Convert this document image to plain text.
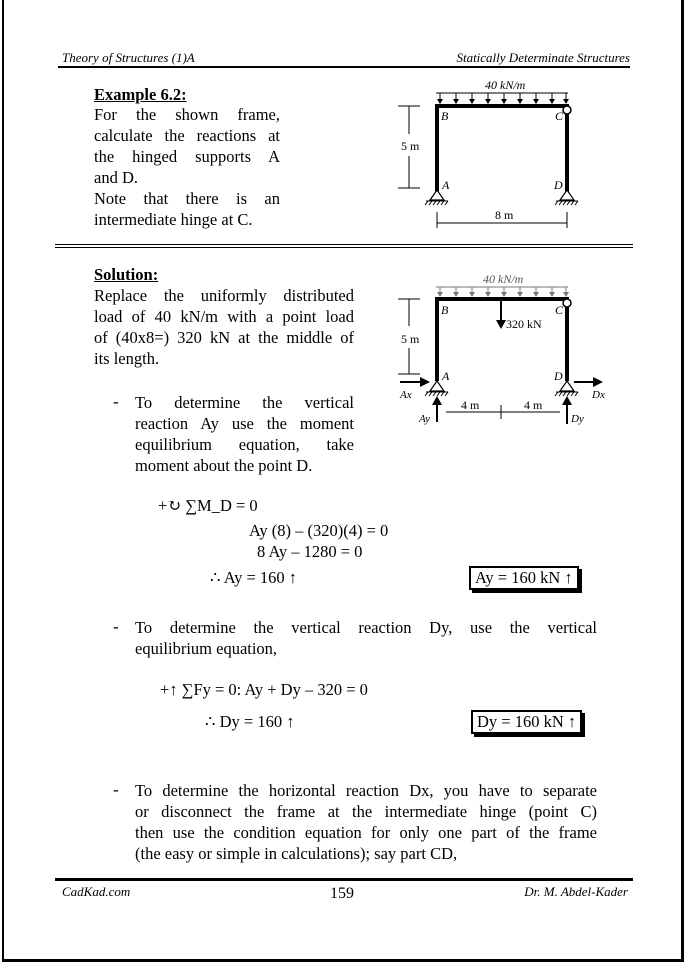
Theory of Structures (1)A	Statically Determinate Structures
Example 6.2:
For the shown frame,
calculate the reactions at
the hinged supports A
and D.
Note that there is an
intermediate hinge at C.
40 kN/m
B	C
A	D
5 m
8 m
Solution:
Replace the uniformly distributed
load of 40 kN/m with a point load
of (40x8=) 320 kN at the middle of
its length.
40 kN/m
320 kN
B	C
A	D
Ax
Ay
Dx
Dy
5 m
4 m	4 m
- To determine the vertical
reaction Ay use the moment
equilibrium equation, take
moment about the point D.
+↻ ∑M_D = 0
Ay (8) – (320)(4) = 0
8 Ay – 1280 = 0
∴ Ay = 160 ↑	Ay = 160 kN ↑
- To determine the vertical reaction Dy, use the vertical
equilibrium equation,
+↑ ∑Fy = 0: Ay + Dy – 320 = 0
∴ Dy = 160 ↑	Dy = 160 kN ↑
- To determine the horizontal reaction Dx, you have to separate
or disconnect the frame at the intermediate hinge (point C)
then use the condition equation for only one part of the frame
(the easy or simple in calculations); say part CD,
CadKad.com	159	Dr. M. Abdel-Kader
